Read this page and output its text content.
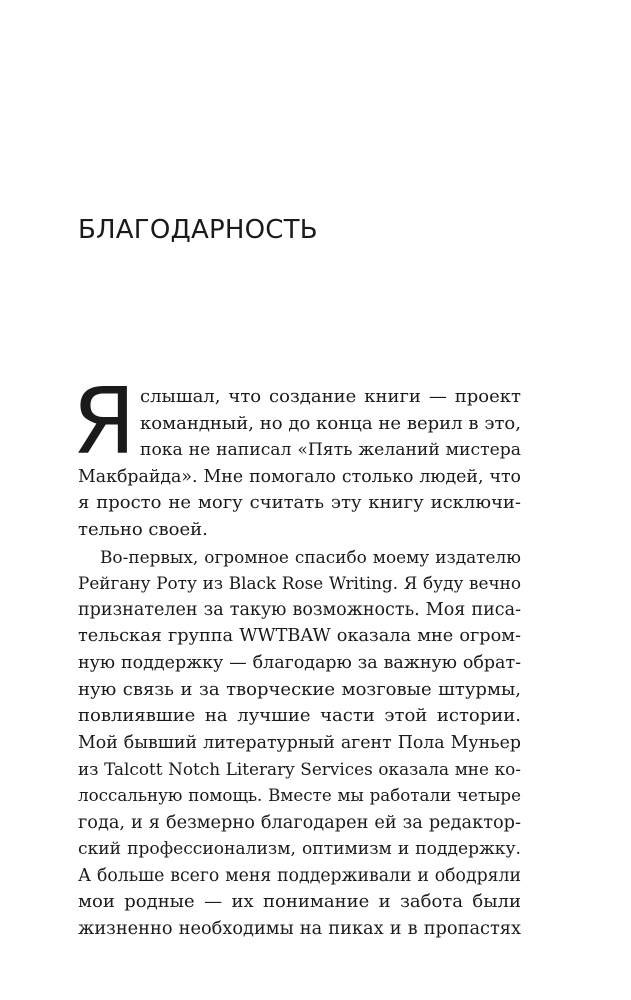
БЛАГОДАРНОСТЬ
Я слышал, что создание книги — проект
командный, но до конца не верил в это,
пока не написал «Пять желаний мистера
Макбрайда». Мне помогало столько людей, что
я просто не могу считать эту книгу исключи-
тельно своей.
Во-первых, огромное спасибо моему издателю
Рейгану Роту из Black Rose Writing. Я буду вечно
признателен за такую возможность. Моя писа-
тельская группа WWTBAW оказала мне огром-
ную поддержку — благодарю за важную обрат-
ную связь и за творческие мозговые штурмы,
повлиявшие на лучшие части этой истории.
Мой бывший литературный агент Пола Муньер
из Talcott Notch Literary Services оказала мне ко-
лоссальную помощь. Вместе мы работали четыре
года, и я безмерно благодарен ей за редактор-
ский профессионализм, оптимизм и поддержку.
А больше всего меня поддерживали и ободряли
мои родные — их понимание и забота были
жизненно необходимы на пиках и в пропастях
